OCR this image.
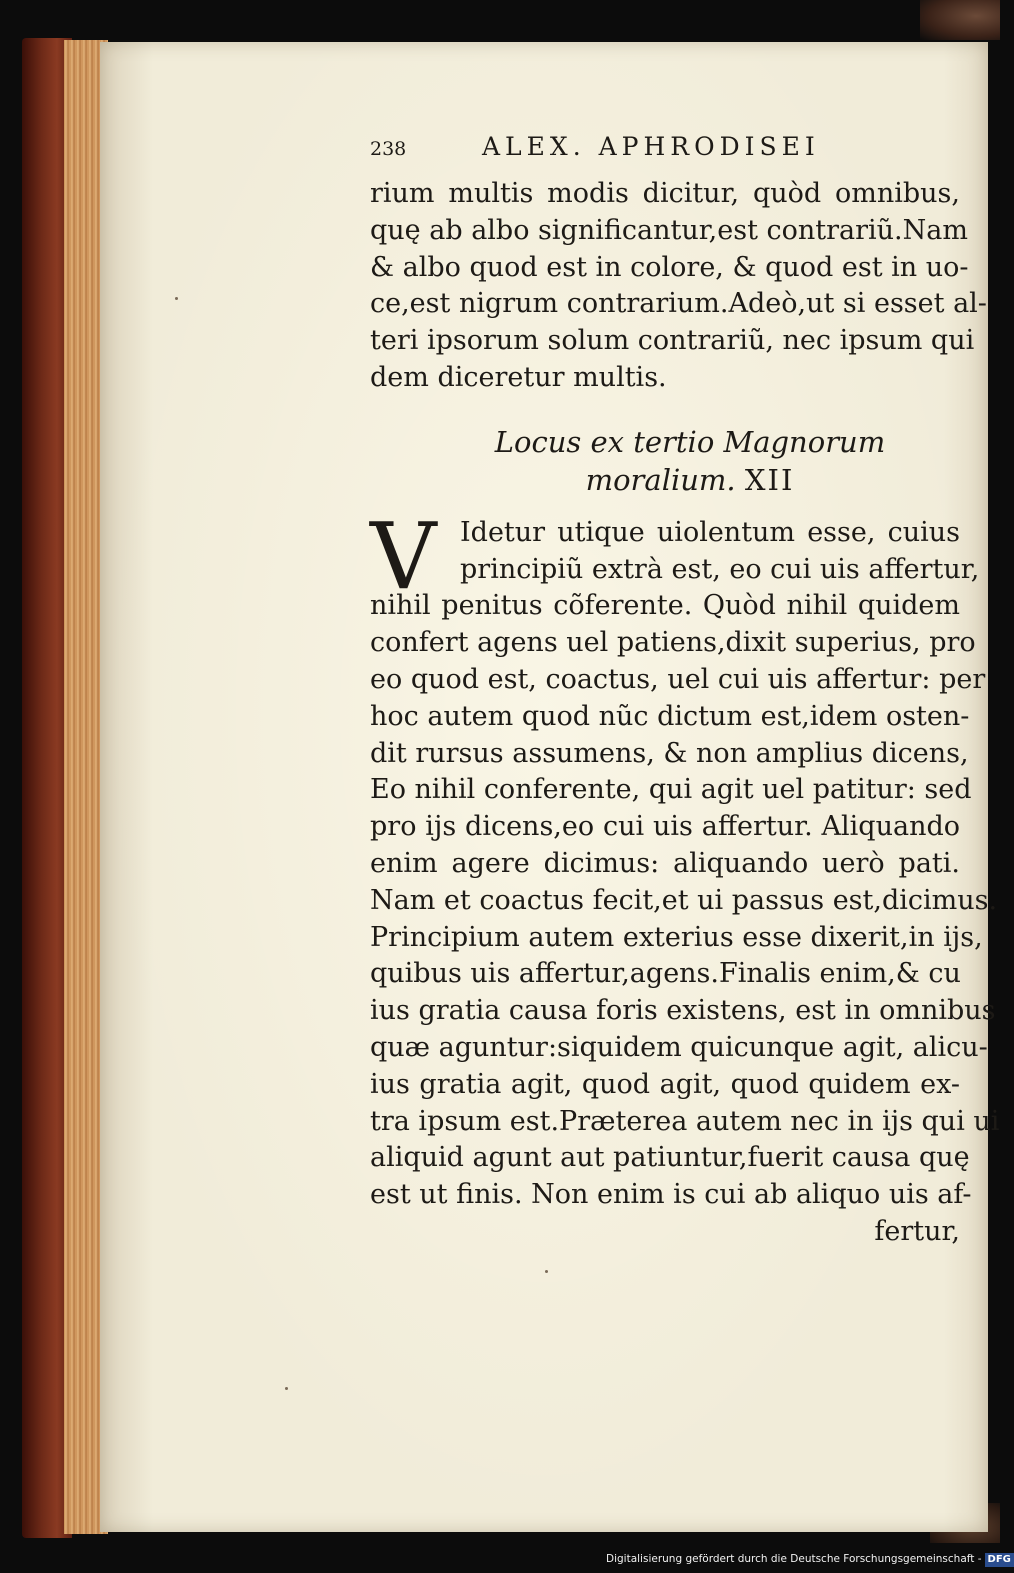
238	ALEX. APHRODISEI
rium multis modis dicitur, quòd omnibus,
quę ab albo significantur,est contrariũ.Nam
& albo quod est in colore, & quod est in uo-
ce,est nigrum contrarium.Adeò,ut si esset al-
teri ipsorum solum contrariũ, nec ipsum qui
dem diceretur multis.
Locus ex tertio Magnorum
moralium. XII
V Idetur utique uiolentum esse, cuius
principiũ extrà est, eo cui uis affertur,
nihil penitus cõferente. Quòd nihil quidem
confert agens uel patiens,dixit superius, pro
eo quod est, coactus, uel cui uis affertur: per
hoc autem quod nũc dictum est,idem osten-
dit rursus assumens, & non amplius dicens,
Eo nihil conferente, qui agit uel patitur: sed
pro ijs dicens,eo cui uis affertur. Aliquando
enim agere dicimus: aliquando uerò pati.
Nam et coactus fecit,et ui passus est,dicimus.
Principium autem exterius esse dixerit,in ijs,
quibus uis affertur,agens.Finalis enim,& cu
ius gratia causa foris existens, est in omnibus
quæ aguntur:siquidem quicunque agit, alicu-
ius gratia agit, quod agit, quod quidem ex-
tra ipsum est.Præterea autem nec in ijs qui ui
aliquid agunt aut patiuntur,fuerit causa quę
est ut finis. Non enim is cui ab aliquo uis af-
fertur,
Digitalisierung gefördert durch die Deutsche Forschungsgemeinschaft - DFG
